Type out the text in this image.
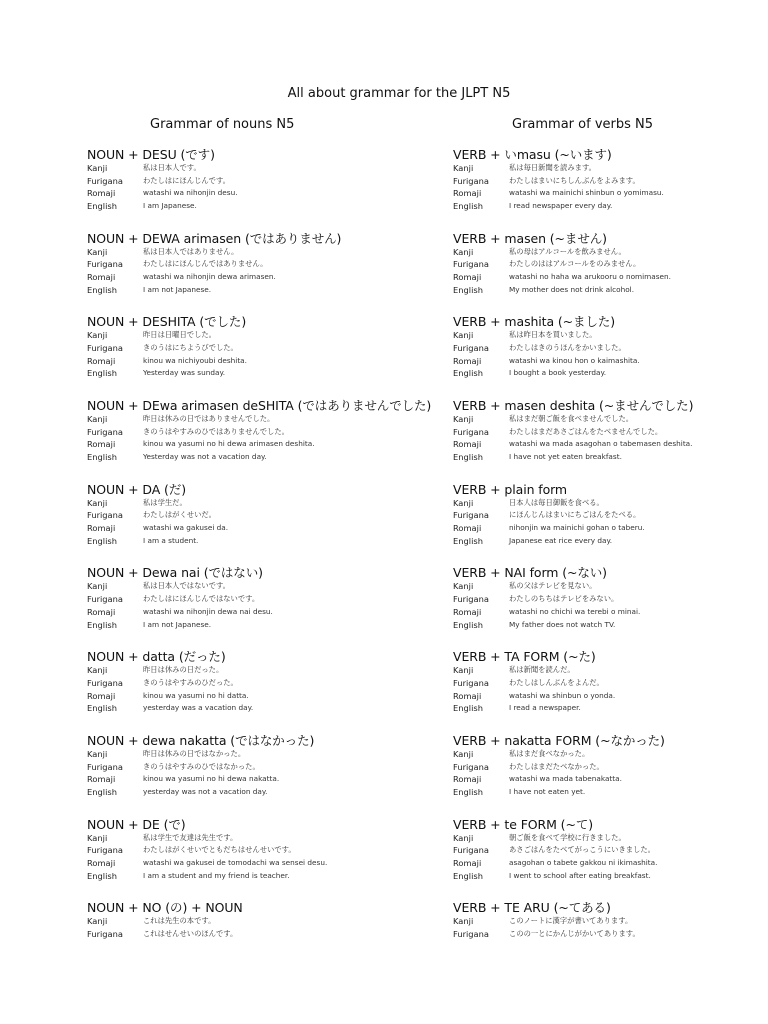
All about grammar for the JLPT N5
Grammar of nouns N5	Grammar of verbs N5
NOUN + DESU (です)
Kanji	私は日本人です。
Furigana	わたしはにほんじんです。
Romaji	watashi wa nihonjin desu.
English	I am Japanese.
NOUN + DEWA arimasen (ではありません)
Kanji	私は日本人ではありません。
Furigana	わたしはにほんじんではありません。
Romaji	watashi wa nihonjin dewa arimasen.
English	I am not Japanese.
NOUN + DESHITA (でした)
Kanji	昨日は日曜日でした。
Furigana	きのうはにちようびでした。
Romaji	kinou wa nichiyoubi deshita.
English	Yesterday was sunday.
NOUN + DEwa arimasen deSHITA (ではありませんでした)
Kanji	昨日は休みの日ではありませんでした。
Furigana	きのうはやすみのひではありませんでした。
Romaji	kinou wa yasumi no hi dewa arimasen deshita.
English	Yesterday was not a vacation day.
NOUN + DA (だ)
Kanji	私は学生だ。
Furigana	わたしはがくせいだ。
Romaji	watashi wa gakusei da.
English	I am a student.
NOUN + Dewa nai (ではない)
Kanji	私は日本人ではないです。
Furigana	わたしはにほんじんではないです。
Romaji	watashi wa nihonjin dewa nai desu.
English	I am not Japanese.
NOUN + datta (だった)
Kanji	昨日は休みの日だった。
Furigana	きのうはやすみのひだった。
Romaji	kinou wa yasumi no hi datta.
English	yesterday was a vacation day.
NOUN + dewa nakatta (ではなかった)
Kanji	昨日は休みの日ではなかった。
Furigana	きのうはやすみのひではなかった。
Romaji	kinou wa yasumi no hi dewa nakatta.
English	yesterday was not a vacation day.
NOUN + DE (で)
Kanji	私は学生で友達は先生です。
Furigana	わたしはがくせいでともだちはせんせいです。
Romaji	watashi wa gakusei de tomodachi wa sensei desu.
English	I am a student and my friend is teacher.
NOUN + NO (の) + NOUN
Kanji	これは先生の本です。
Furigana	これはせんせいのほんです。
VERB + いmasu (~います)
Kanji	私は毎日新聞を読みます。
Furigana	わたしはまいにちしんぶんをよみます。
Romaji	watashi wa mainichi shinbun o yomimasu.
English	I read newspaper every day.
VERB + masen (~ません)
Kanji	私の母はアルコールを飲みません。
Furigana	わたしのははアルコールをのみません。
Romaji	watashi no haha wa arukooru o nomimasen.
English	My mother does not drink alcohol.
VERB + mashita (~ました)
Kanji	私は昨日本を買いました。
Furigana	わたしはきのうほんをかいました。
Romaji	watashi wa kinou hon o kaimashita.
English	I bought a book yesterday.
VERB + masen deshita (~ませんでした)
Kanji	私はまだ朝ご飯を食べませんでした。
Furigana	わたしはまだあさごはんをたべませんでした。
Romaji	watashi wa mada asagohan o tabemasen deshita.
English	I have not yet eaten breakfast.
VERB + plain form
Kanji	日本人は毎日御飯を食べる。
Furigana	にほんじんはまいにちごはんをたべる。
Romaji	nihonjin wa mainichi gohan o taberu.
English	Japanese eat rice every day.
VERB + NAI form (~ない)
Kanji	私の父はテレビを見ない。
Furigana	わたしのちちはテレビをみない。
Romaji	watashi no chichi wa terebi o minai.
English	My father does not watch TV.
VERB + TA FORM (~た)
Kanji	私は新聞を読んだ。
Furigana	わたしはしんぶんをよんだ。
Romaji	watashi wa shinbun o yonda.
English	I read a newspaper.
VERB + nakatta FORM (~なかった)
Kanji	私はまだ食べなかった。
Furigana	わたしはまだたべなかった。
Romaji	watashi wa mada tabenakatta.
English	I have not eaten yet.
VERB + te FORM (~て)
Kanji	朝ご飯を食べて学校に行きました。
Furigana	あさごはんをたべてがっこうにいきました。
Romaji	asagohan o tabete gakkou ni ikimashita.
English	I went to school after eating breakfast.
VERB + TE ARU (~てある)
Kanji	このノートに漢字が書いてあります。
Furigana	このの一とにかんじがかいてあります。
